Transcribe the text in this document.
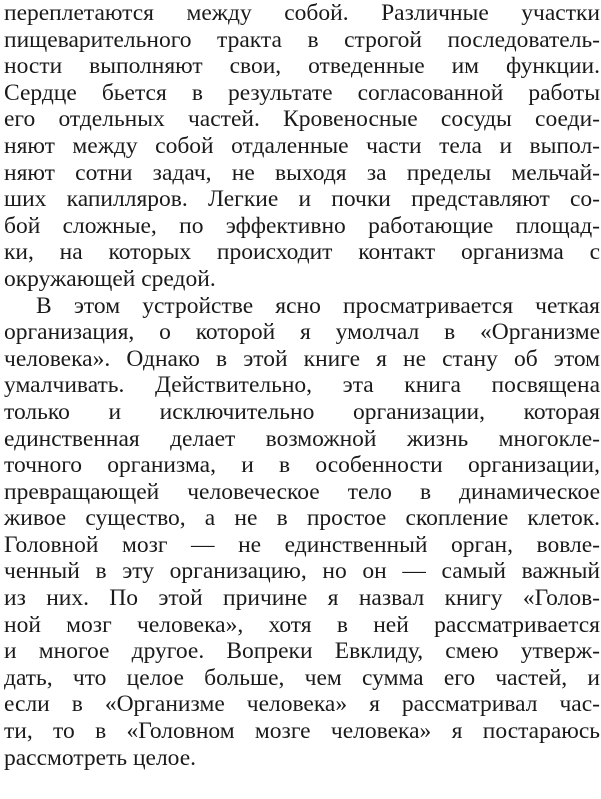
переплетаются между собой. Различные участки
пищеварительного тракта в строгой последователь-
ности выполняют свои, отведенные им функции.
Сердце бьется в результате согласованной работы
его отдельных частей. Кровеносные сосуды соеди-
няют между собой отдаленные части тела и выпол-
няют сотни задач, не выходя за пределы мельчай-
ших капилляров. Легкие и почки представляют со-
бой сложные, по эффективно работающие площад-
ки, на которых происходит контакт организма с
окружающей средой.
В этом устройстве ясно просматривается четкая
организация, о которой я умолчал в «Организме
человека». Однако в этой книге я не стану об этом
умалчивать. Действительно, эта книга посвящена
только и исключительно организации, которая
единственная делает возможной жизнь многокле-
точного организма, и в особенности организации,
превращающей человеческое тело в динамическое
живое существо, а не в простое скопление клеток.
Головной мозг — не единственный орган, вовле-
ченный в эту организацию, но он — самый важный
из них. По этой причине я назвал книгу «Голов-
ной мозг человека», хотя в ней рассматривается
и многое другое. Вопреки Евклиду, смею утверж-
дать, что целое больше, чем сумма его частей, и
если в «Организме человека» я рассматривал час-
ти, то в «Головном мозге человека» я постараюсь
рассмотреть целое.
